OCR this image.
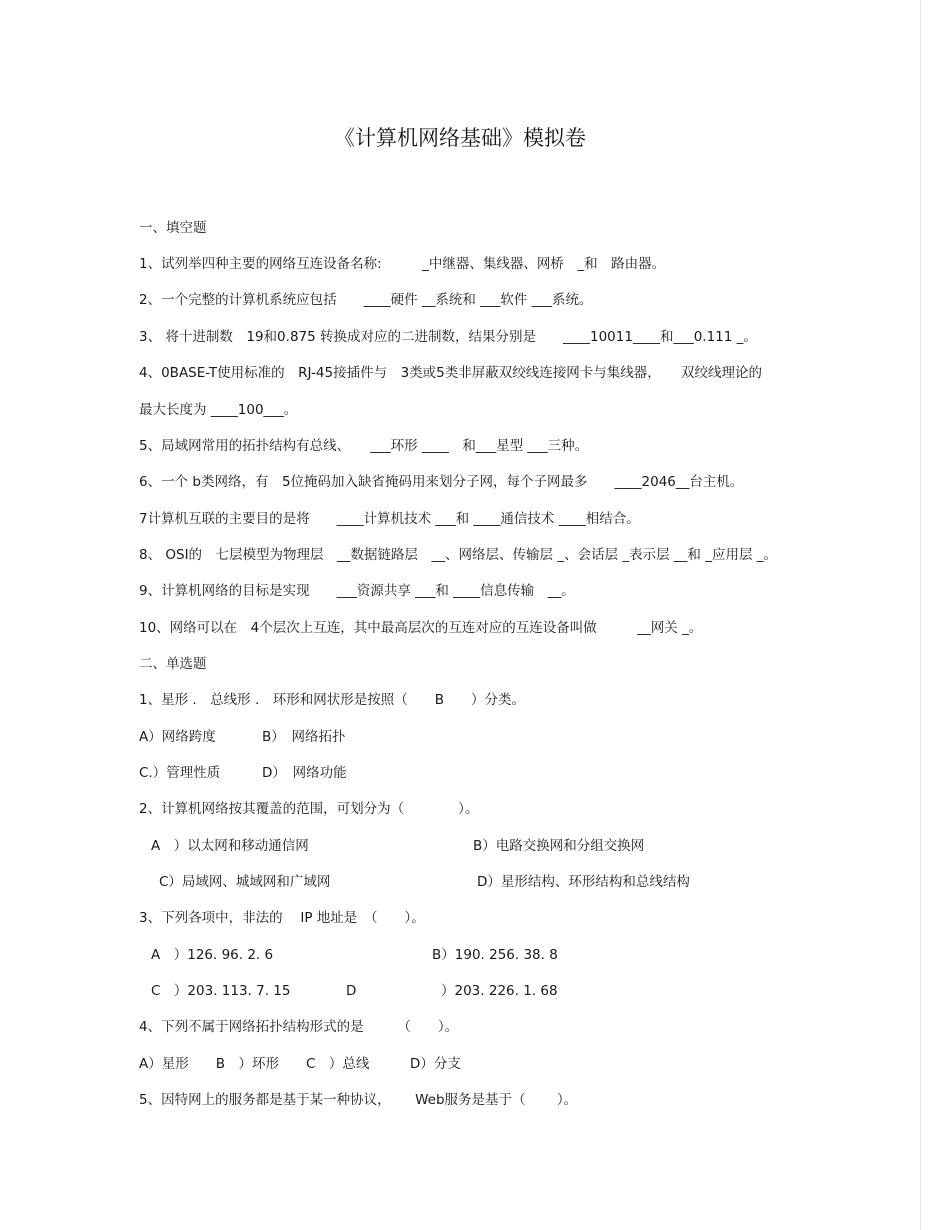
《计算机网络基础》模拟卷
一、填空题
1、试列举四种主要的网络互连设备名称:　　　_中继器、集线器、网桥　_和　路由器。
2、一个完整的计算机系统应包括　　____硬件 __系统和 ___软件 ___系统。
3、 将十进制数　19和0.875 转换成对应的二进制数，结果分别是　　____10011____和___0.111 _。
4、0BASE-T使用标准的　RJ-45接插件与　3类或5类非屏蔽双绞线连接网卡与集线器，　　双绞线理论的
最大长度为 ____100___。
5、局域网常用的拓扑结构有总线、　　___环形 ____　和___星型 ___三种。
6、一个 b类网络，有　5位掩码加入缺省掩码用来划分子网，每个子网最多　　____2046__台主机。
7计算机互联的主要目的是将　　____计算机技术 ___和 ____通信技术 ____相结合。
8、 OSI的　七层模型为物理层　__数据链路层　__、网络层、传输层 _、会话层 _表示层 __和 _应用层 _。
9、计算机网络的目标是实现　　___资源共享 ___和 ____信息传输　__。
10、网络可以在　4个层次上互连，其中最高层次的互连对应的互连设备叫做　　　__网关 _。
二、单选题
1、星形 .　总线形 .　环形和网状形是按照（　　B　　）分类。
A）网络跨度	B）　网络拓扑
C.）管理性质	D）　网络功能
2、计算机网络按其覆盖的范围，可划分为（　　　　）。
A　）以太网和移动通信网	B）电路交换网和分组交换网
C）局域网、城域网和广域网	D）星形结构、环形结构和总线结构
3、下列各项中，非法的　 IP 地址是　（　　）。
A　）126. 96. 2. 6	B）190. 256. 38. 8
C　）203. 113. 7. 15	D	）203. 226. 1. 68
4、下列不属于网络拓扑结构形式的是　　　（　　）。
A）星形　　B　）环形　　C　）总线　　　D）分支
5、因特网上的服务都是基于某一种协议，　　 Web服务是基于（　　 ）。
